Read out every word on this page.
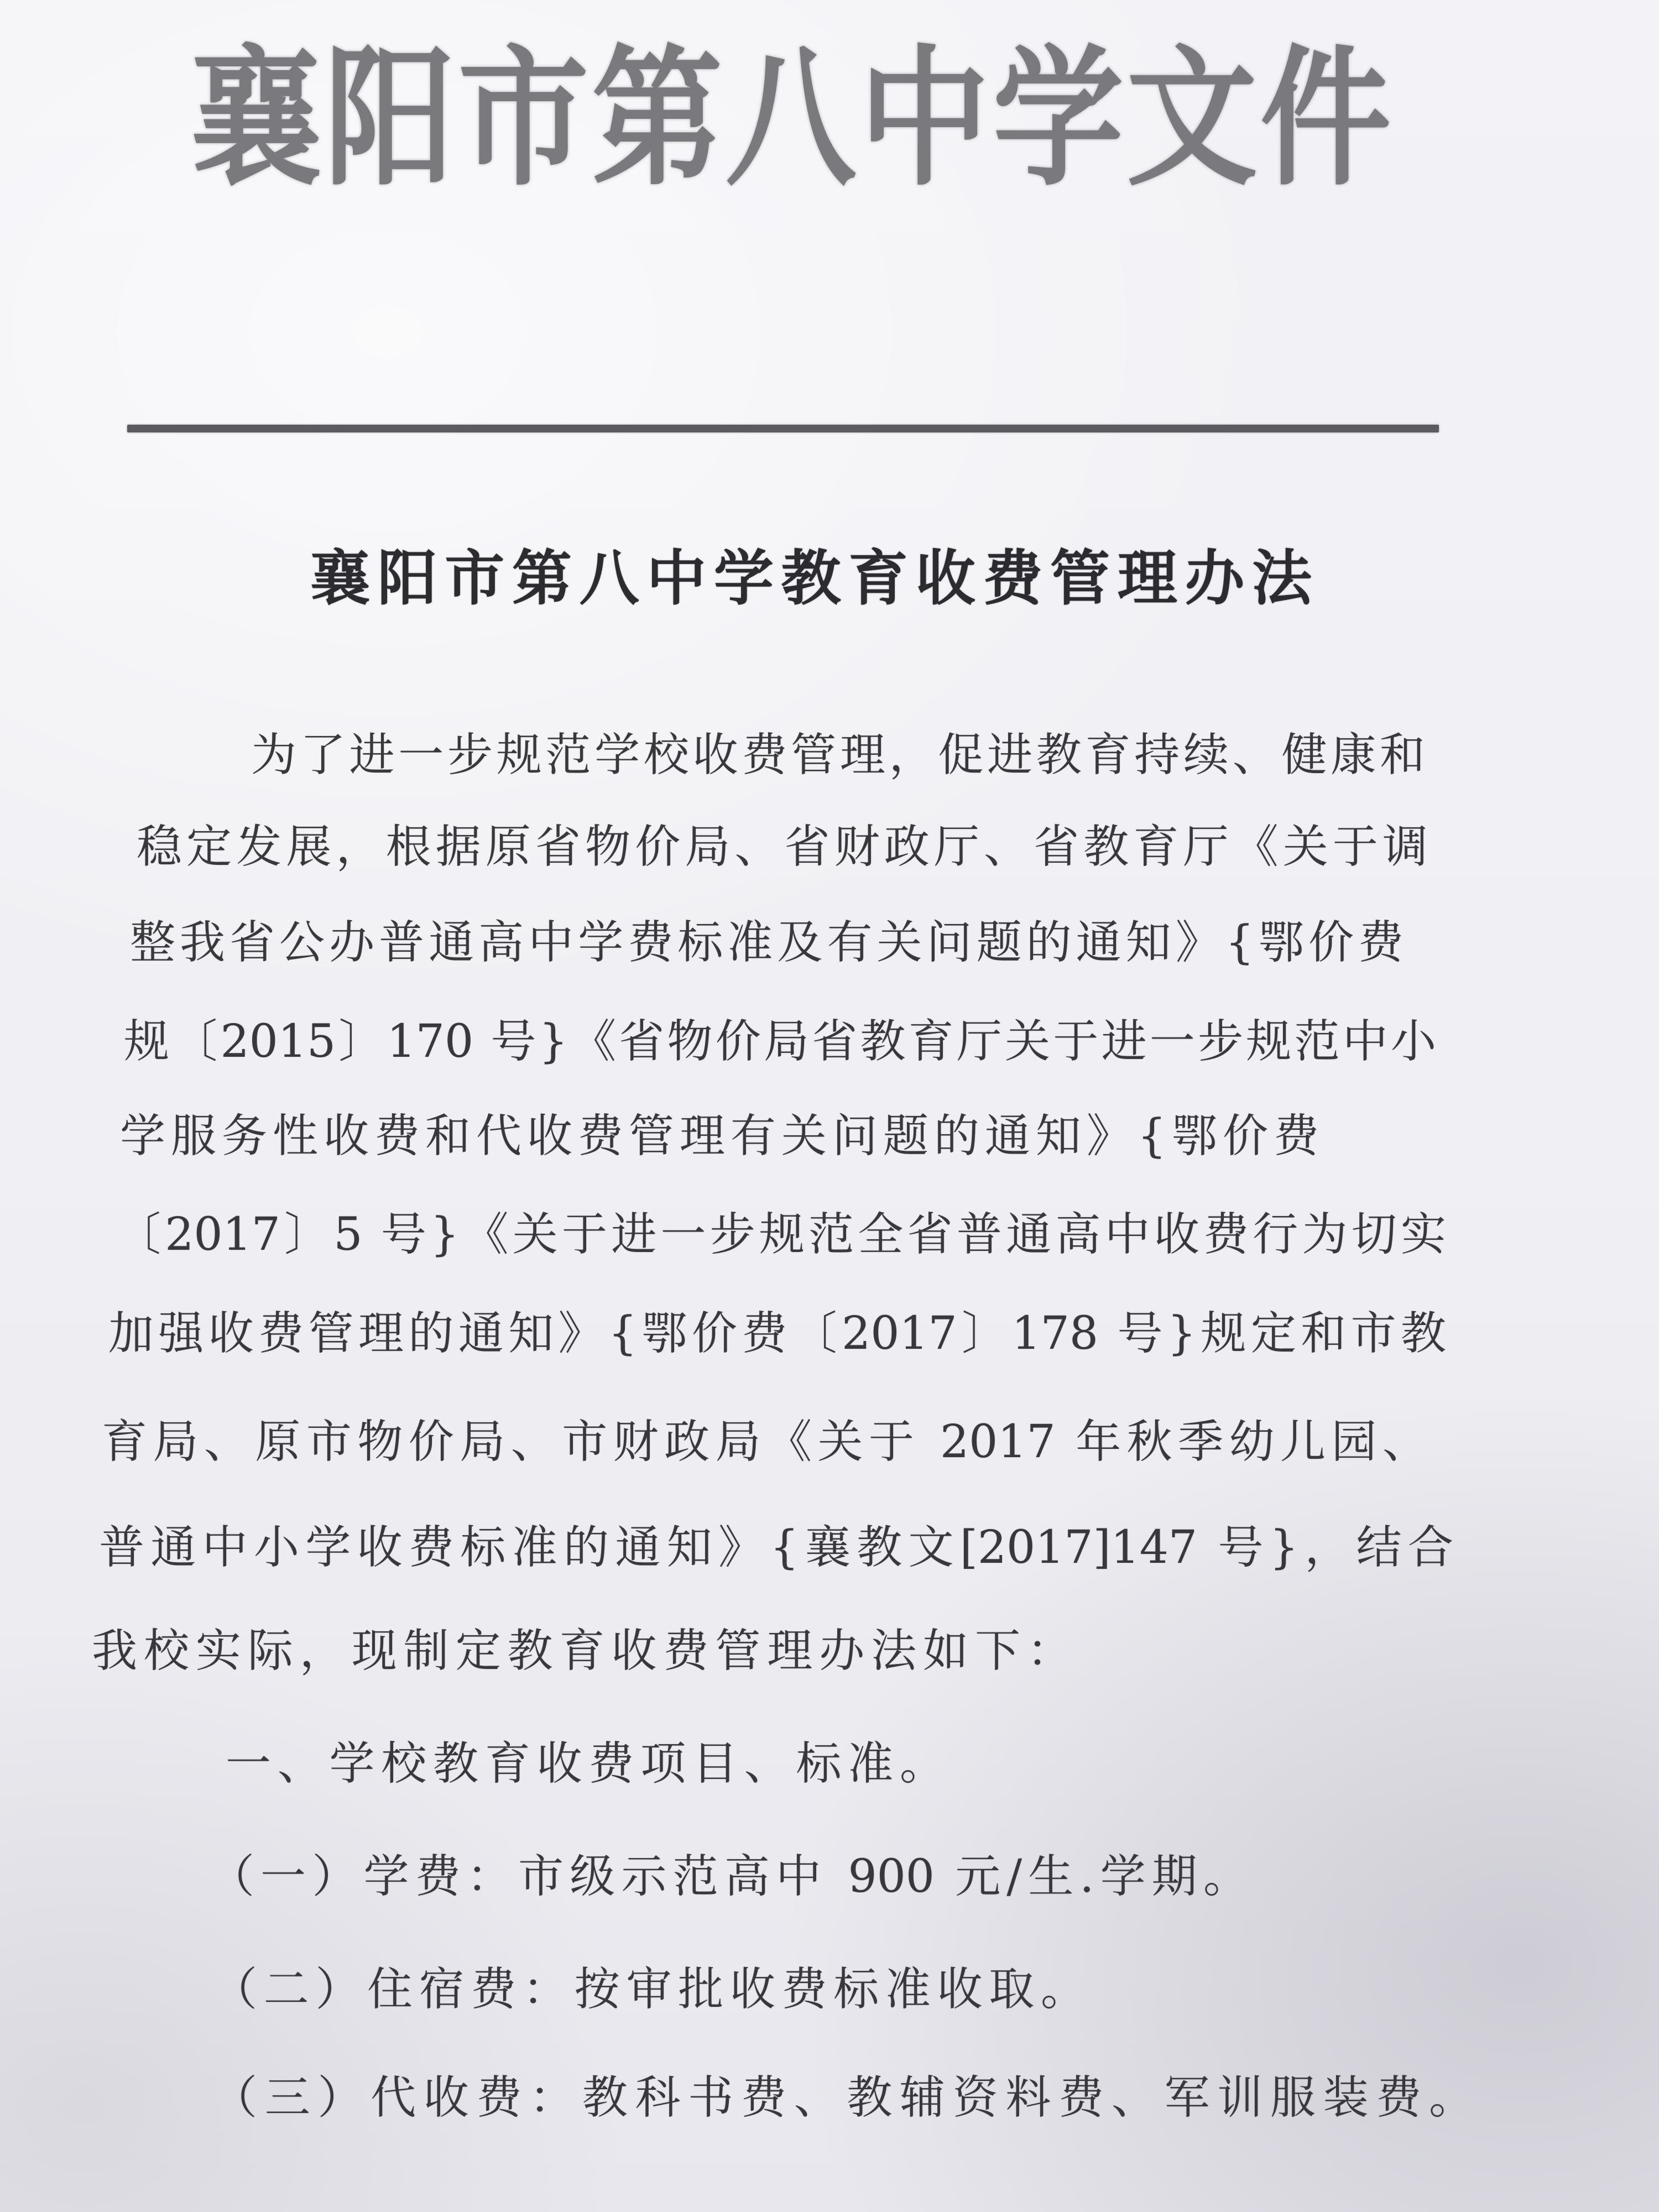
襄阳市第八中学文件
襄阳市第八中学教育收费管理办法
为了进一步规范学校收费管理，促进教育持续、健康和
稳定发展，根据原省物价局、省财政厅、省教育厅《关于调
整我省公办普通高中学费标准及有关问题的通知》{鄂价费
规〔2015〕170 号}《省物价局省教育厅关于进一步规范中小
学服务性收费和代收费管理有关问题的通知》{鄂价费
〔2017〕5 号}《关于进一步规范全省普通高中收费行为切实
加强收费管理的通知》{鄂价费〔2017〕178 号}规定和市教
育局、原市物价局、市财政局《关于 2017 年秋季幼儿园、
普通中小学收费标准的通知》{襄教文[2017]147 号}，结合
我校实际，现制定教育收费管理办法如下：
一、学校教育收费项目、标准。
（一）学费：市级示范高中 900 元/生.学期。
（二）住宿费：按审批收费标准收取。
（三）代收费：教科书费、教辅资料费、军训服装费。
